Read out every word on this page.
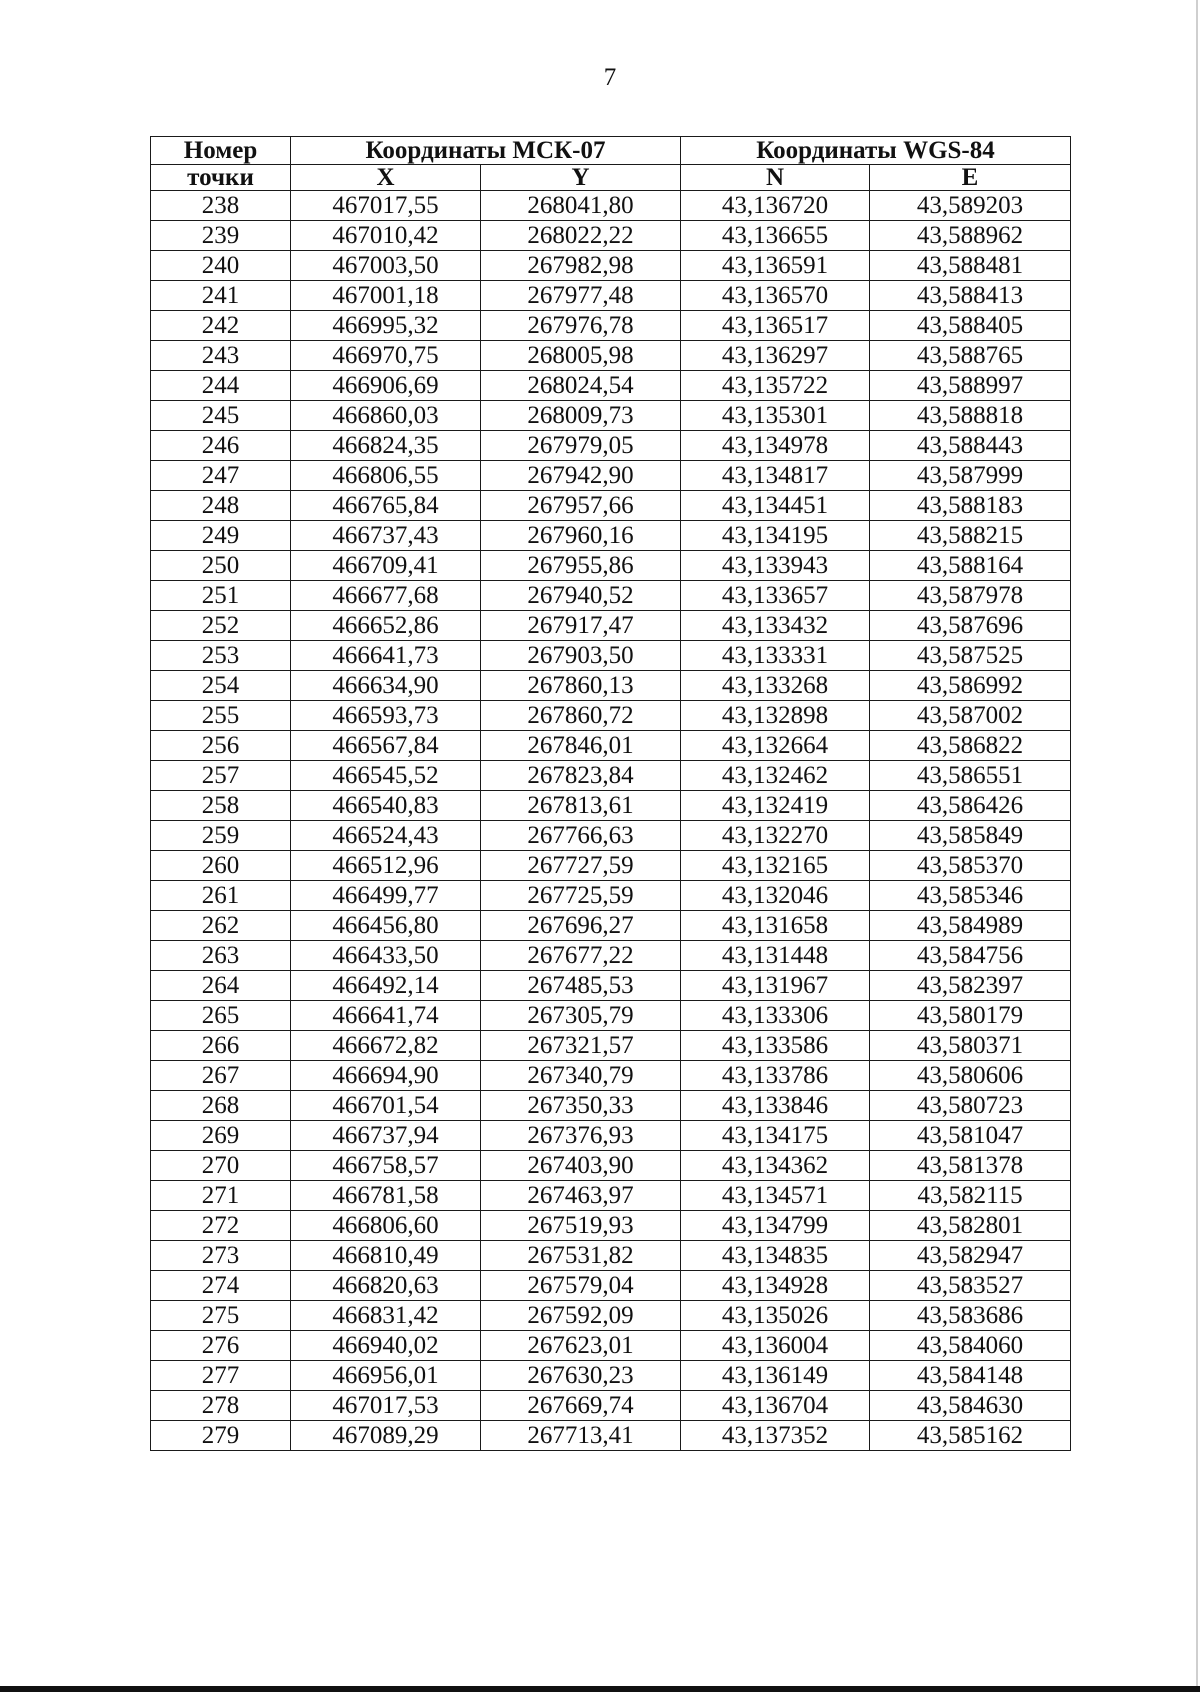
7
Номер	Координаты МСК-07		Координаты WGS-84	
точки	X	Y	N	E
238	467017,55	268041,80	43,136720	43,589203
239	467010,42	268022,22	43,136655	43,588962
240	467003,50	267982,98	43,136591	43,588481
241	467001,18	267977,48	43,136570	43,588413
242	466995,32	267976,78	43,136517	43,588405
243	466970,75	268005,98	43,136297	43,588765
244	466906,69	268024,54	43,135722	43,588997
245	466860,03	268009,73	43,135301	43,588818
246	466824,35	267979,05	43,134978	43,588443
247	466806,55	267942,90	43,134817	43,587999
248	466765,84	267957,66	43,134451	43,588183
249	466737,43	267960,16	43,134195	43,588215
250	466709,41	267955,86	43,133943	43,588164
251	466677,68	267940,52	43,133657	43,587978
252	466652,86	267917,47	43,133432	43,587696
253	466641,73	267903,50	43,133331	43,587525
254	466634,90	267860,13	43,133268	43,586992
255	466593,73	267860,72	43,132898	43,587002
256	466567,84	267846,01	43,132664	43,586822
257	466545,52	267823,84	43,132462	43,586551
258	466540,83	267813,61	43,132419	43,586426
259	466524,43	267766,63	43,132270	43,585849
260	466512,96	267727,59	43,132165	43,585370
261	466499,77	267725,59	43,132046	43,585346
262	466456,80	267696,27	43,131658	43,584989
263	466433,50	267677,22	43,131448	43,584756
264	466492,14	267485,53	43,131967	43,582397
265	466641,74	267305,79	43,133306	43,580179
266	466672,82	267321,57	43,133586	43,580371
267	466694,90	267340,79	43,133786	43,580606
268	466701,54	267350,33	43,133846	43,580723
269	466737,94	267376,93	43,134175	43,581047
270	466758,57	267403,90	43,134362	43,581378
271	466781,58	267463,97	43,134571	43,582115
272	466806,60	267519,93	43,134799	43,582801
273	466810,49	267531,82	43,134835	43,582947
274	466820,63	267579,04	43,134928	43,583527
275	466831,42	267592,09	43,135026	43,583686
276	466940,02	267623,01	43,136004	43,584060
277	466956,01	267630,23	43,136149	43,584148
278	467017,53	267669,74	43,136704	43,584630
279	467089,29	267713,41	43,137352	43,585162
